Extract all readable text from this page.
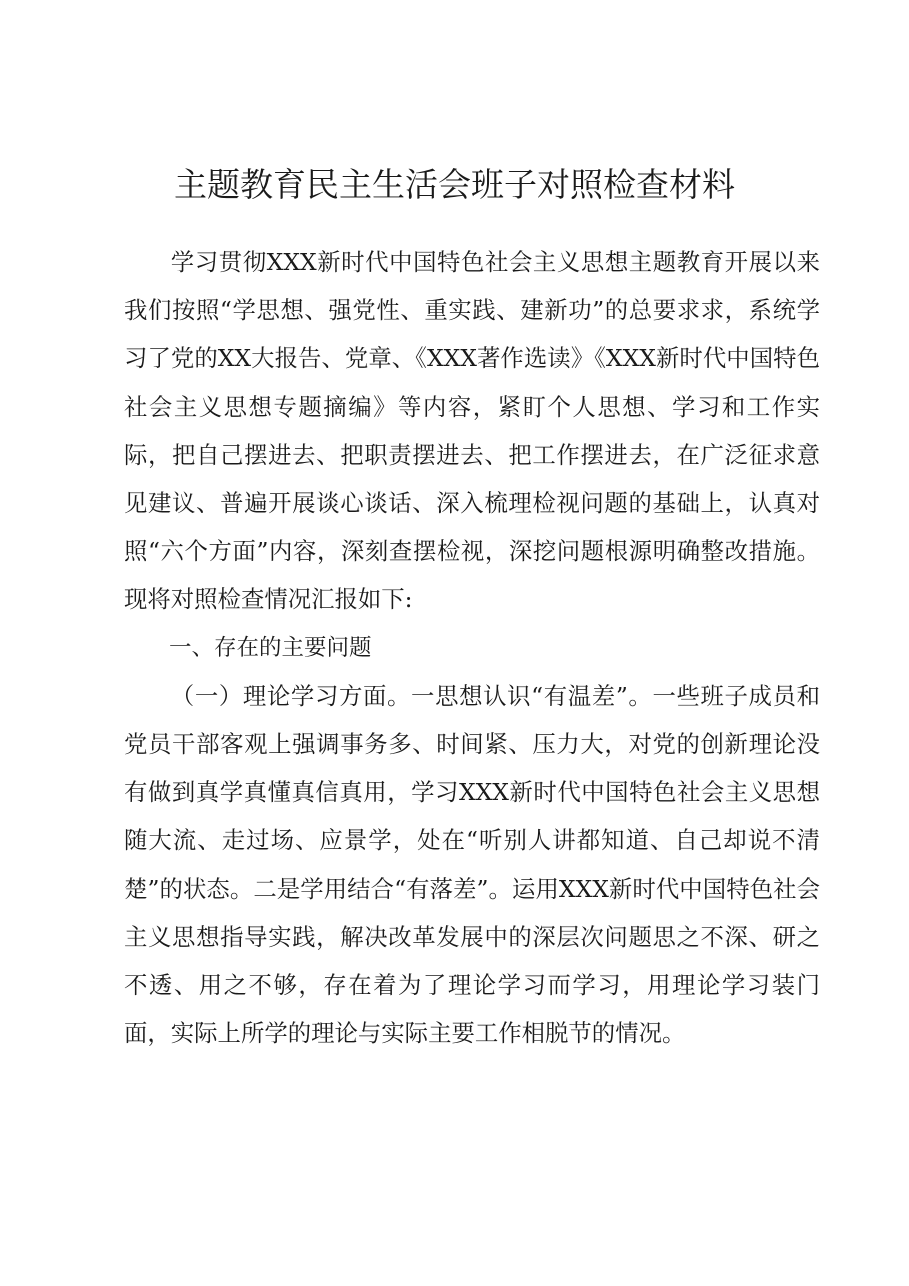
主题教育民主生活会班子对照检查材料

学习贯彻XXX新时代中国特色社会主义思想主题教育开展以来我们按照“学思想、强党性、重实践、建新功”的总要求求，系统学习了党的XX大报告、党章、《XXX著作选读》《XXX新时代中国特色社会主义思想专题摘编》等内容，紧盯个人思想、学习和工作实际，把自己摆进去、把职责摆进去、把工作摆进去，在广泛征求意见建议、普遍开展谈心谈话、深入梳理检视问题的基础上，认真对照“六个方面”内容，深刻查摆检视，深挖问题根源明确整改措施。现将对照检查情况汇报如下:

一、存在的主要问题

（一）理论学习方面。一思想认识“有温差”。一些班子成员和党员干部客观上强调事务多、时间紧、压力大，对党的创新理论没有做到真学真懂真信真用，学习XXX新时代中国特色社会主义思想随大流、走过场、应景学，处在“听别人讲都知道、自己却说不清楚”的状态。二是学用结合“有落差”。运用XXX新时代中国特色社会主义思想指导实践，解决改革发展中的深层次问题思之不深、研之不透、用之不够，存在着为了理论学习而学习，用理论学习装门面，实际上所学的理论与实际主要工作相脱节的情况。
